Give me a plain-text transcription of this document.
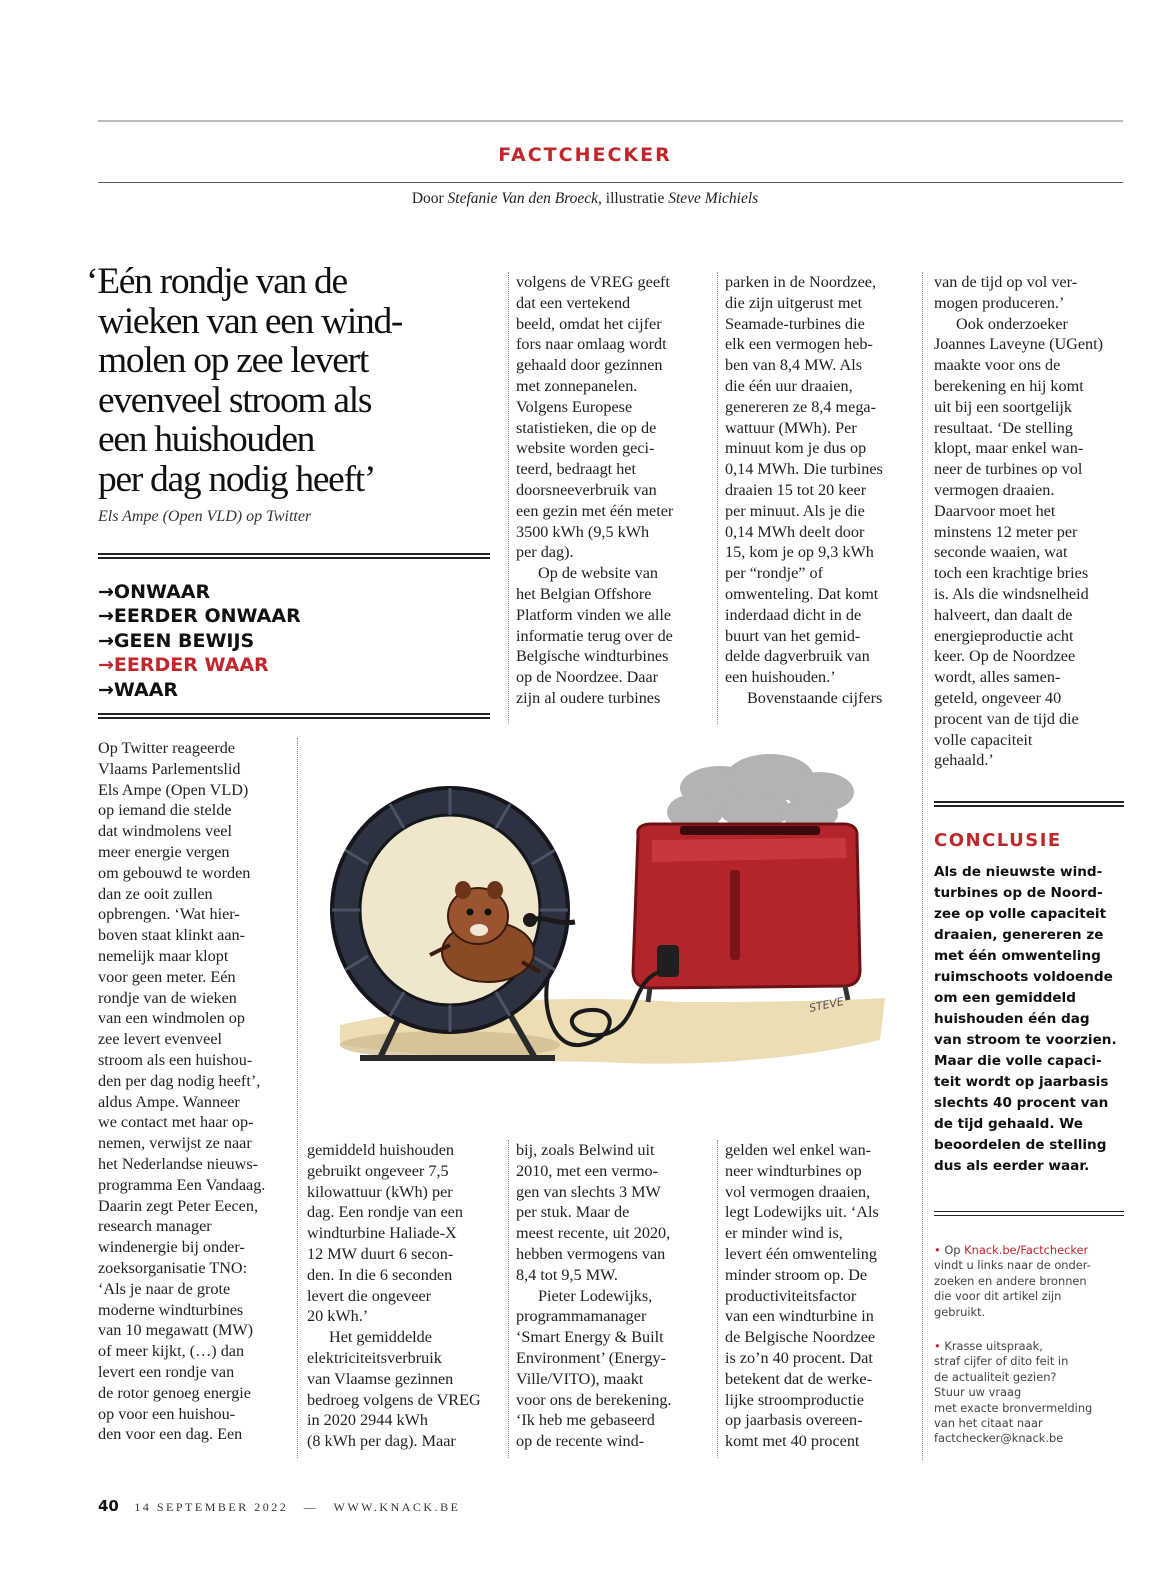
FACTCHECKER
Door Stefanie Van den Broeck, illustratie Steve Michiels
‘Eén rondje van de
wieken van een wind-
molen op zee levert
evenveel stroom als
een huishouden
per dag nodig heeft’
Els Ampe (Open VLD) op Twitter
→ONWAAR
→EERDER ONWAAR
→GEEN BEWIJS
→EERDER WAAR
→WAAR

volgens de VREG geeft

dat een vertekend

beeld, omdat het cijfer

fors naar omlaag wordt

gehaald door gezinnen

met zonnepanelen.

Volgens Europese

statistieken, die op de

website worden geci-

teerd, bedraagt het

doorsneeverbruik van

een gezin met één meter

3500 kWh (9,5 kWh

per dag).

Op de website van

het Belgian Offshore

Platform vinden we alle

informatie terug over de

Belgische windturbines

op de Noordzee. Daar

zijn al oudere turbines

parken in de Noordzee,

die zijn uitgerust met

Seamade-turbines die

elk een vermogen heb-

ben van 8,4 MW. Als

die één uur draaien,

genereren ze 8,4 mega-

wattuur (MWh). Per

minuut kom je dus op

0,14 MWh. Die turbines

draaien 15 tot 20 keer

per minuut. Als je die

0,14 MWh deelt door

15, kom je op 9,3 kWh

per “rondje” of

omwenteling. Dat komt

inderdaad dicht in de

buurt van het gemid-

delde dagverbruik van

een huishouden.’

Bovenstaande cijfers

van de tijd op vol ver-

mogen produceren.’

Ook onderzoeker

Joannes Laveyne (UGent)

maakte voor ons de

berekening en hij komt

uit bij een soortgelijk

resultaat. ‘De stelling

klopt, maar enkel wan-

neer de turbines op vol

vermogen draaien.

Daarvoor moet het

minstens 12 meter per

seconde waaien, wat

toch een krachtige bries

is. Als die windsnelheid

halveert, dan daalt de

energieproductie acht

keer. Op de Noordzee

wordt, alles samen-

geteld, ongeveer 40

procent van de tijd die

volle capaciteit

gehaald.’

CONCLUSIE
Als de nieuwste wind-
turbines op de Noord-
zee op volle capaciteit
draaien, genereren ze
met één omwenteling
ruimschoots voldoende
om een gemiddeld
huishouden één dag
van stroom te voorzien.
Maar die volle capaci-
teit wordt op jaarbasis
slechts 40 procent van
de tijd gehaald. We
beoordelen de stelling
dus als eerder waar.
• Op Knack.be/Factchecker
vindt u links naar de onder-
zoeken en andere bronnen
die voor dit artikel zijn
gebruikt.
• Krasse uitspraak,
straf cijfer of dito feit in
de actualiteit gezien?
Stuur uw vraag
met exacte bronvermelding
van het citaat naar
factchecker@knack.be

Op Twitter reageerde

Vlaams Parlementslid

Els Ampe (Open VLD)

op iemand die stelde

dat windmolens veel

meer energie vergen

om gebouwd te worden

dan ze ooit zullen

opbrengen. ‘Wat hier-

boven staat klinkt aan-

nemelijk maar klopt

voor geen meter. Eén

rondje van de wieken

van een windmolen op

zee levert evenveel

stroom als een huishou-

den per dag nodig heeft’,

aldus Ampe. Wanneer

we contact met haar op-

nemen, verwijst ze naar

het Nederlandse nieuws-

programma Een Vandaag.

Daarin zegt Peter Eecen,

research manager

windenergie bij onder-

zoeksorganisatie TNO:

‘Als je naar de grote

moderne windturbines

van 10 megawatt (MW)

of meer kijkt, (…) dan

levert een rondje van

de rotor genoeg energie

op voor een huishou-

den voor een dag. Een

gemiddeld huishouden

gebruikt ongeveer 7,5

kilowattuur (kWh) per

dag. Een rondje van een

windturbine Haliade-X

12 MW duurt 6 secon-

den. In die 6 seconden

levert die ongeveer

20 kWh.’

Het gemiddelde

elektriciteitsverbruik

van Vlaamse gezinnen

bedroeg volgens de VREG

in 2020 2944 kWh

(8 kWh per dag). Maar

bij, zoals Belwind uit

2010, met een vermo-

gen van slechts 3 MW

per stuk. Maar de

meest recente, uit 2020,

hebben vermogens van

8,4 tot 9,5 MW.

Pieter Lodewijks,

programmamanager

‘Smart Energy & Built

Environment’ (Energy-

Ville/VITO), maakt

voor ons de berekening.

‘Ik heb me gebaseerd

op de recente wind-

gelden wel enkel wan-

neer windturbines op

vol vermogen draaien,

legt Lodewijks uit. ‘Als

er minder wind is,

levert één omwenteling

minder stroom op. De

productiviteitsfactor

van een windturbine in

de Belgische Noordzee

is zo’n 40 procent. Dat

betekent dat de werke-

lijke stroomproductie

op jaarbasis overeen-

komt met 40 procent

STEVE
40 14 SEPTEMBER 2022 — WWW.KNACK.BE
